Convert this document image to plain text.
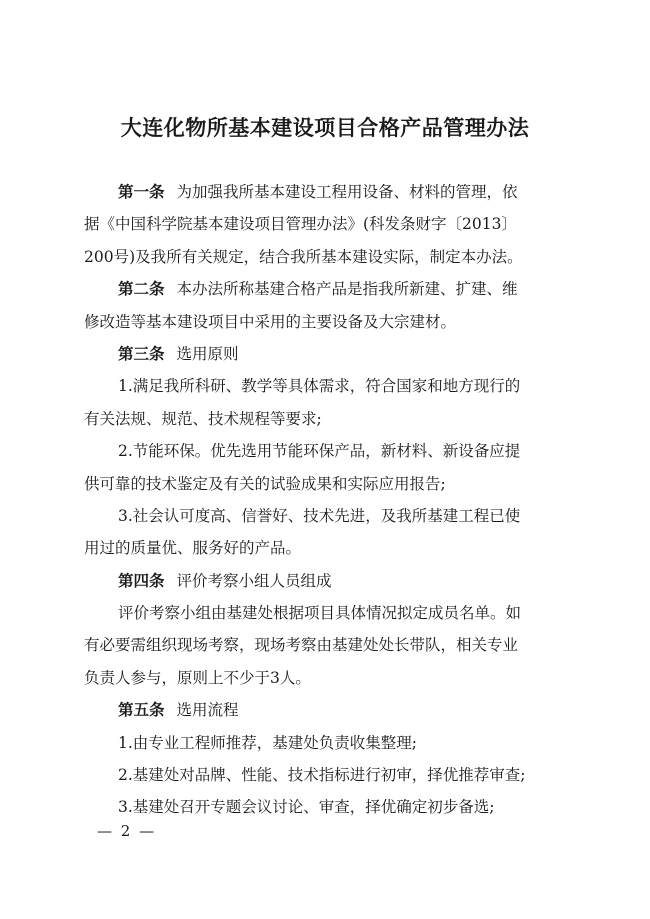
大连化物所基本建设项目合格产品管理办法
第一条 为加强我所基本建设工程用设备、材料的管理，依
据《中国科学院基本建设项目管理办法》(科发条财字〔2013〕
200号)及我所有关规定，结合我所基本建设实际，制定本办法。
第二条 本办法所称基建合格产品是指我所新建、扩建、维
修改造等基本建设项目中采用的主要设备及大宗建材。
第三条 选用原则
1.满足我所科研、教学等具体需求，符合国家和地方现行的
有关法规、规范、技术规程等要求;
2.节能环保。优先选用节能环保产品，新材料、新设备应提
供可靠的技术鉴定及有关的试验成果和实际应用报告;
3.社会认可度高、信誉好、技术先进，及我所基建工程已使
用过的质量优、服务好的产品。
第四条 评价考察小组人员组成
评价考察小组由基建处根据项目具体情况拟定成员名单。如
有必要需组织现场考察，现场考察由基建处处长带队，相关专业
负责人参与，原则上不少于3人。
第五条 选用流程
1.由专业工程师推荐，基建处负责收集整理;
2.基建处对品牌、性能、技术指标进行初审，择优推荐审查;
3.基建处召开专题会议讨论、审查，择优确定初步备选;
— 2 —
